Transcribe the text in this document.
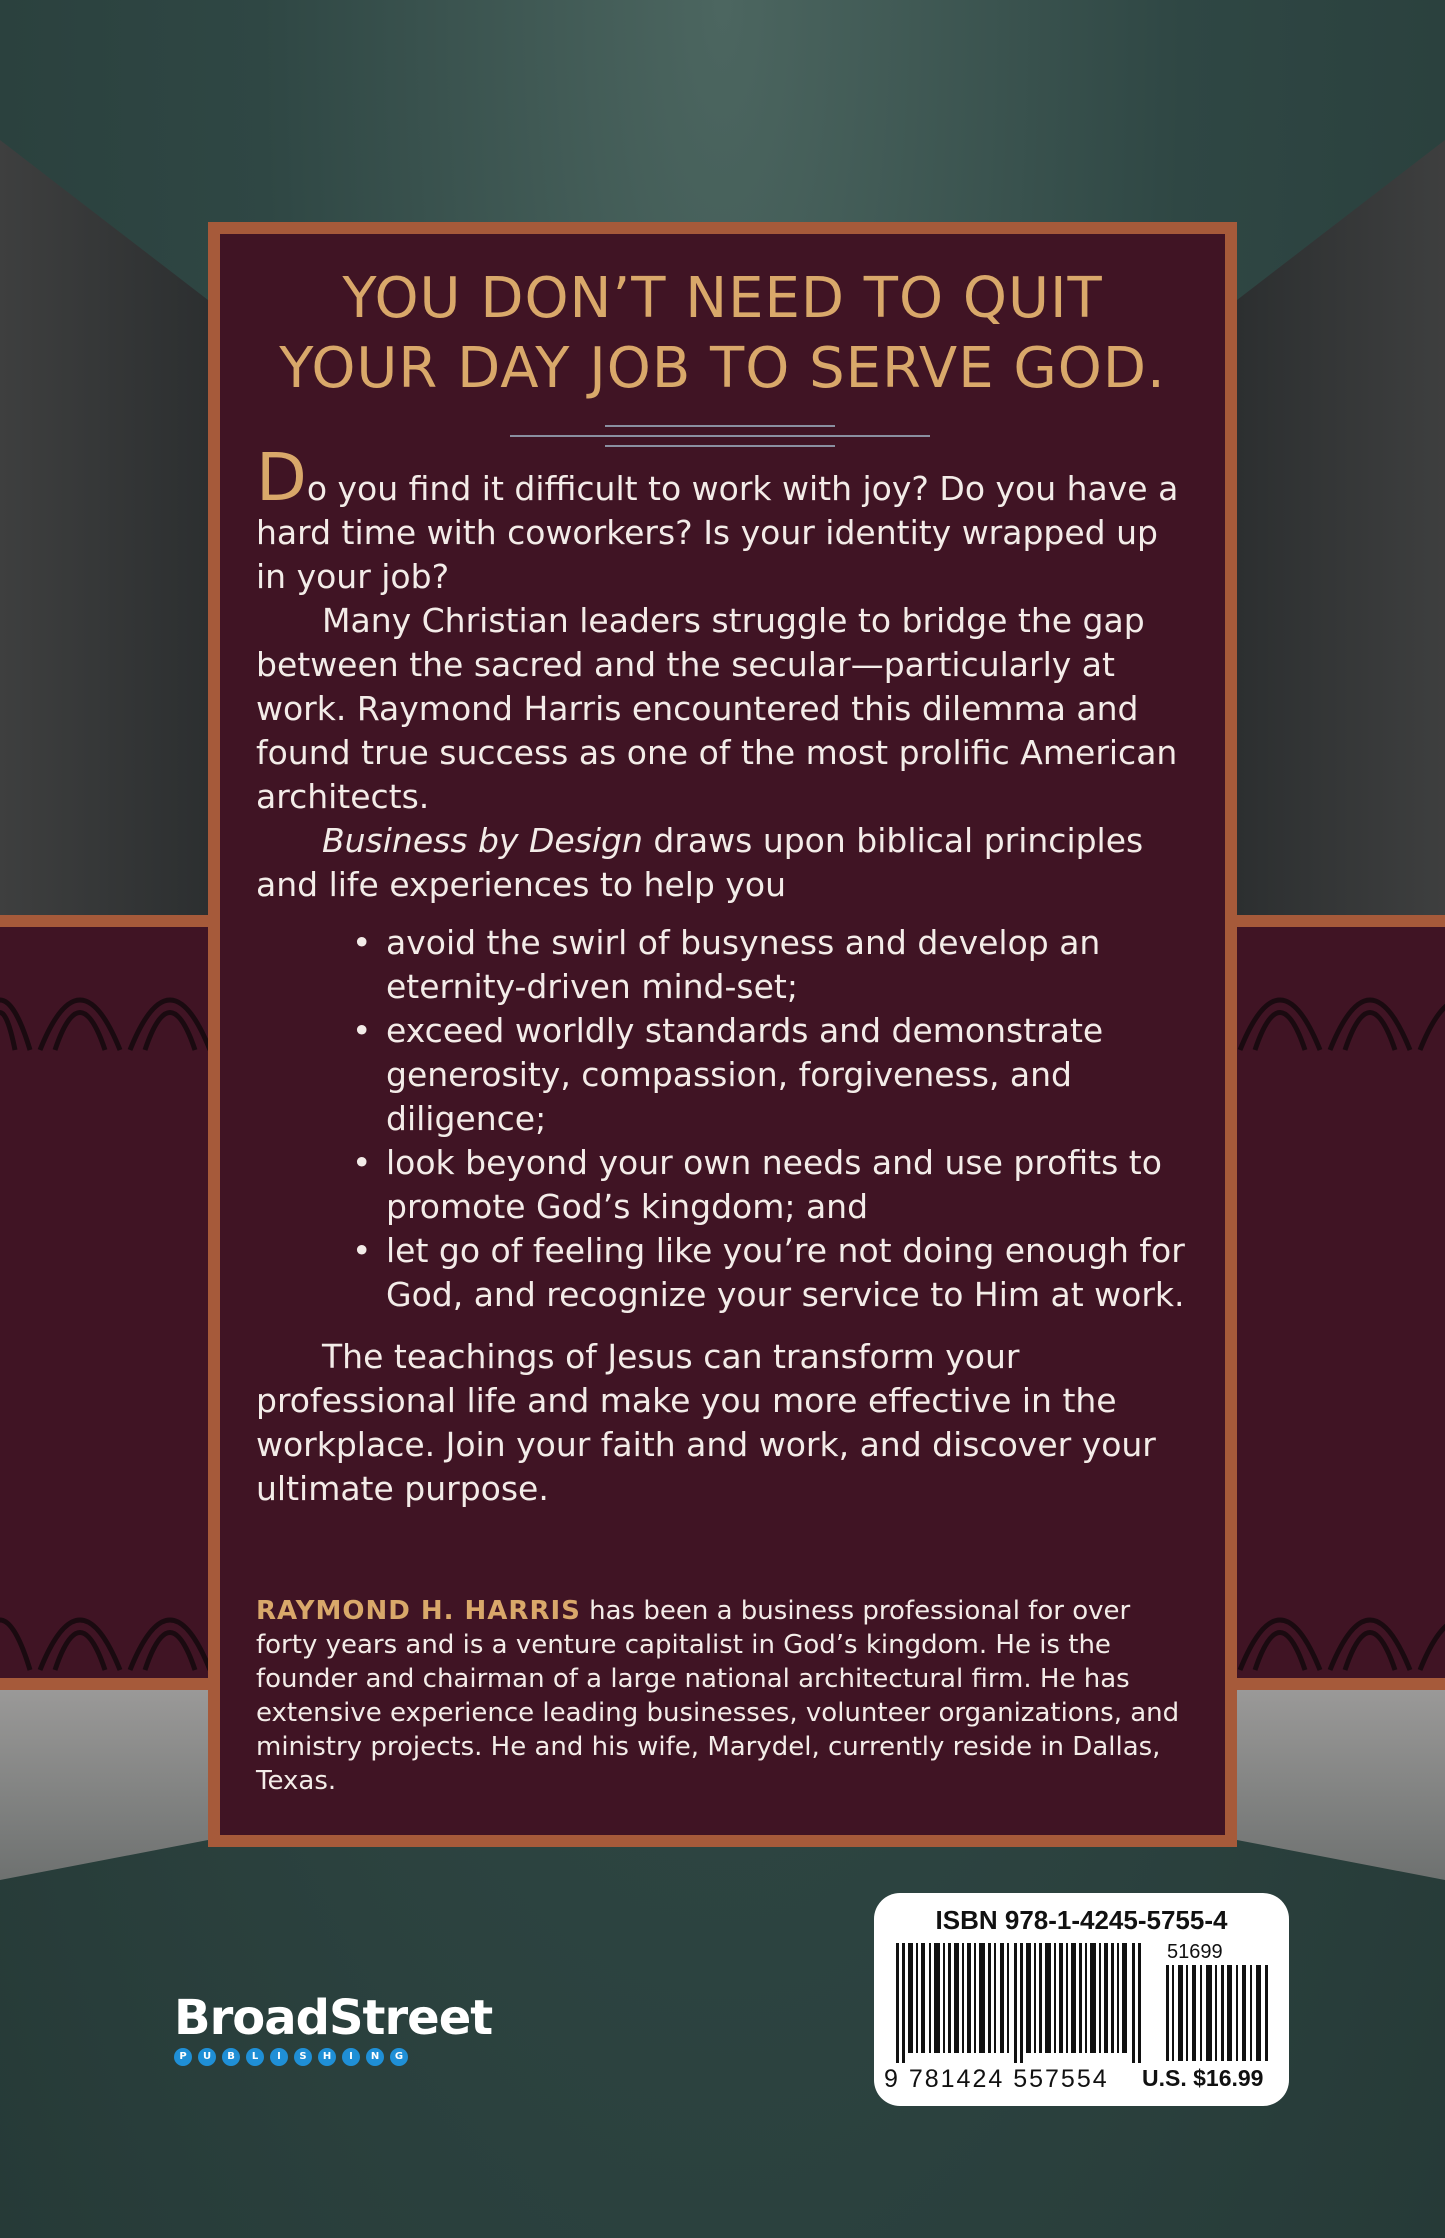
YOU DON’T NEED TO QUIT
YOUR DAY JOB TO SERVE GOD.

Do you find it difficult to work with joy? Do you have a hard time with coworkers? Is your identity wrapped up in your job?

Many Christian leaders struggle to bridge the gap between the sacred and the secular—particularly at work. Raymond Harris encountered this dilemma and found true success as one of the most prolific American architects.

Business by Design draws upon biblical principles and life experiences to help you

• avoid the swirl of busyness and develop an eternity-driven mind-set;
• exceed worldly standards and demonstrate generosity, compassion, forgiveness, and diligence;
• look beyond your own needs and use profits to promote God’s kingdom; and
• let go of feeling like you’re not doing enough for God, and recognize your service to Him at work.

The teachings of Jesus can transform your professional life and make you more effective in the workplace. Join your faith and work, and discover your ultimate purpose.

RAYMOND H. HARRIS has been a business professional for over forty years and is a venture capitalist in God’s kingdom. He is the founder and chairman of a large national architectural firm. He has extensive experience leading businesses, volunteer organizations, and ministry projects. He and his wife, Marydel, currently reside in Dallas, Texas.
BroadStreet
P	U	B	L	I	S	H	I	N	G
ISBN 978-1-4245-5755-4
51699
9 781424 557554 U.S. $16.99
